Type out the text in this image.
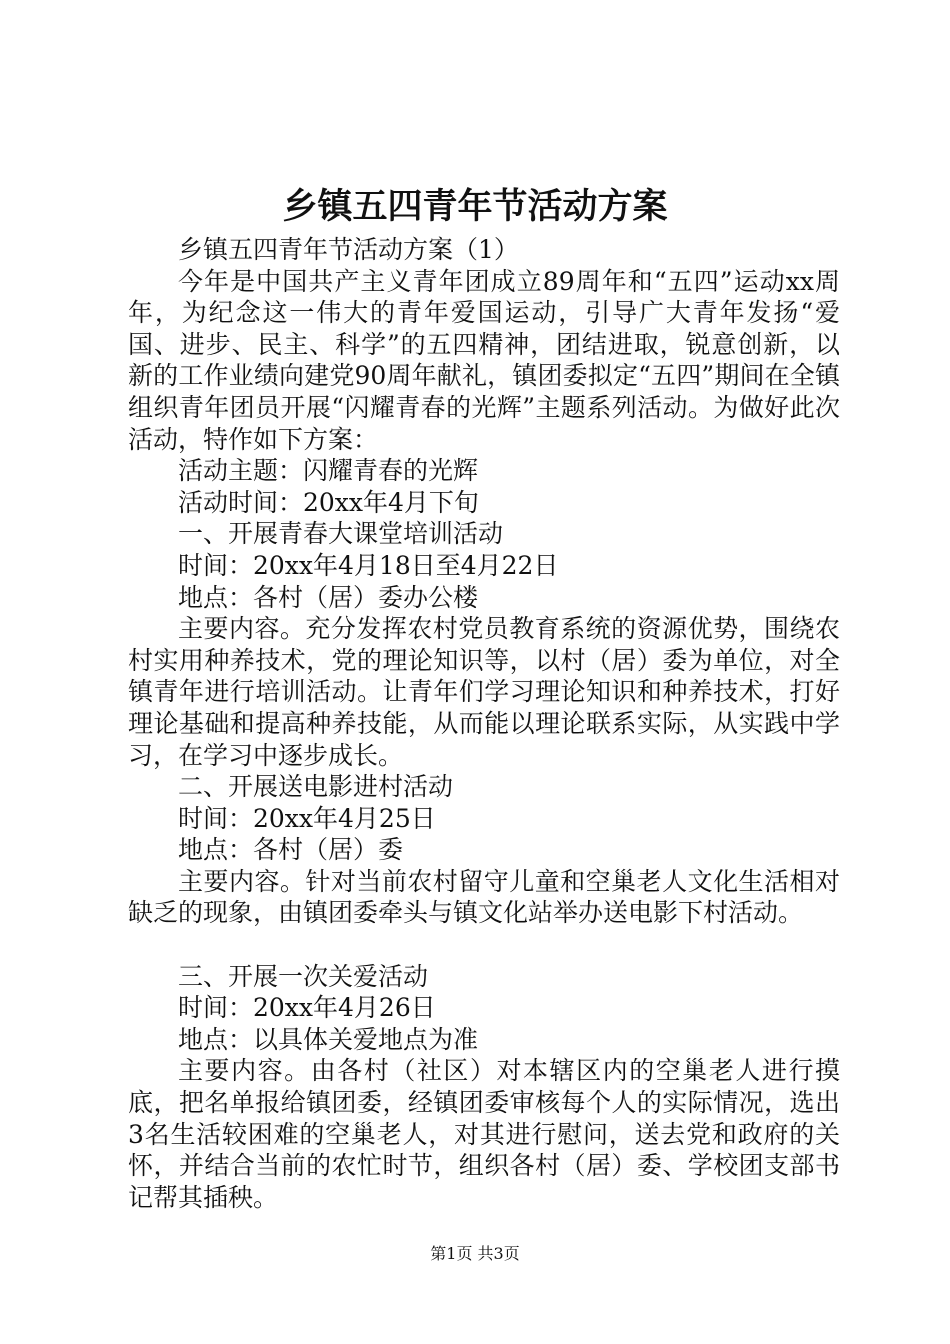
乡镇五四青年节活动方案

乡镇五四青年节活动方案（1）

今年是中国共产主义青年团成立89周年和“五四”运动xx周年，为纪念这一伟大的青年爱国运动，引导广大青年发扬“爱国、进步、民主、科学”的五四精神，团结进取，锐意创新，以新的工作业绩向建党90周年献礼，镇团委拟定“五四”期间在全镇组织青年团员开展“闪耀青春的光辉”主题系列活动。为做好此次活动，特作如下方案：

活动主题：闪耀青春的光辉

活动时间：20xx年4月下旬

一、开展青春大课堂培训活动

时间：20xx年4月18日至4月22日

地点：各村（居）委办公楼

主要内容。充分发挥农村党员教育系统的资源优势，围绕农村实用种养技术，党的理论知识等，以村（居）委为单位，对全镇青年进行培训活动。让青年们学习理论知识和种养技术，打好理论基础和提高种养技能，从而能以理论联系实际，从实践中学习，在学习中逐步成长。

二、开展送电影进村活动

时间：20xx年4月25日

地点：各村（居）委

主要内容。针对当前农村留守儿童和空巢老人文化生活相对缺乏的现象，由镇团委牵头与镇文化站举办送电影下村活动。

三、开展一次关爱活动

时间：20xx年4月26日

地点：以具体关爱地点为准

主要内容。由各村（社区）对本辖区内的空巢老人进行摸底，把名单报给镇团委，经镇团委审核每个人的实际情况，选出3名生活较困难的空巢老人，对其进行慰问，送去党和政府的关怀，并结合当前的农忙时节，组织各村（居）委、学校团支部书记帮其插秧。

第1页 共3页
